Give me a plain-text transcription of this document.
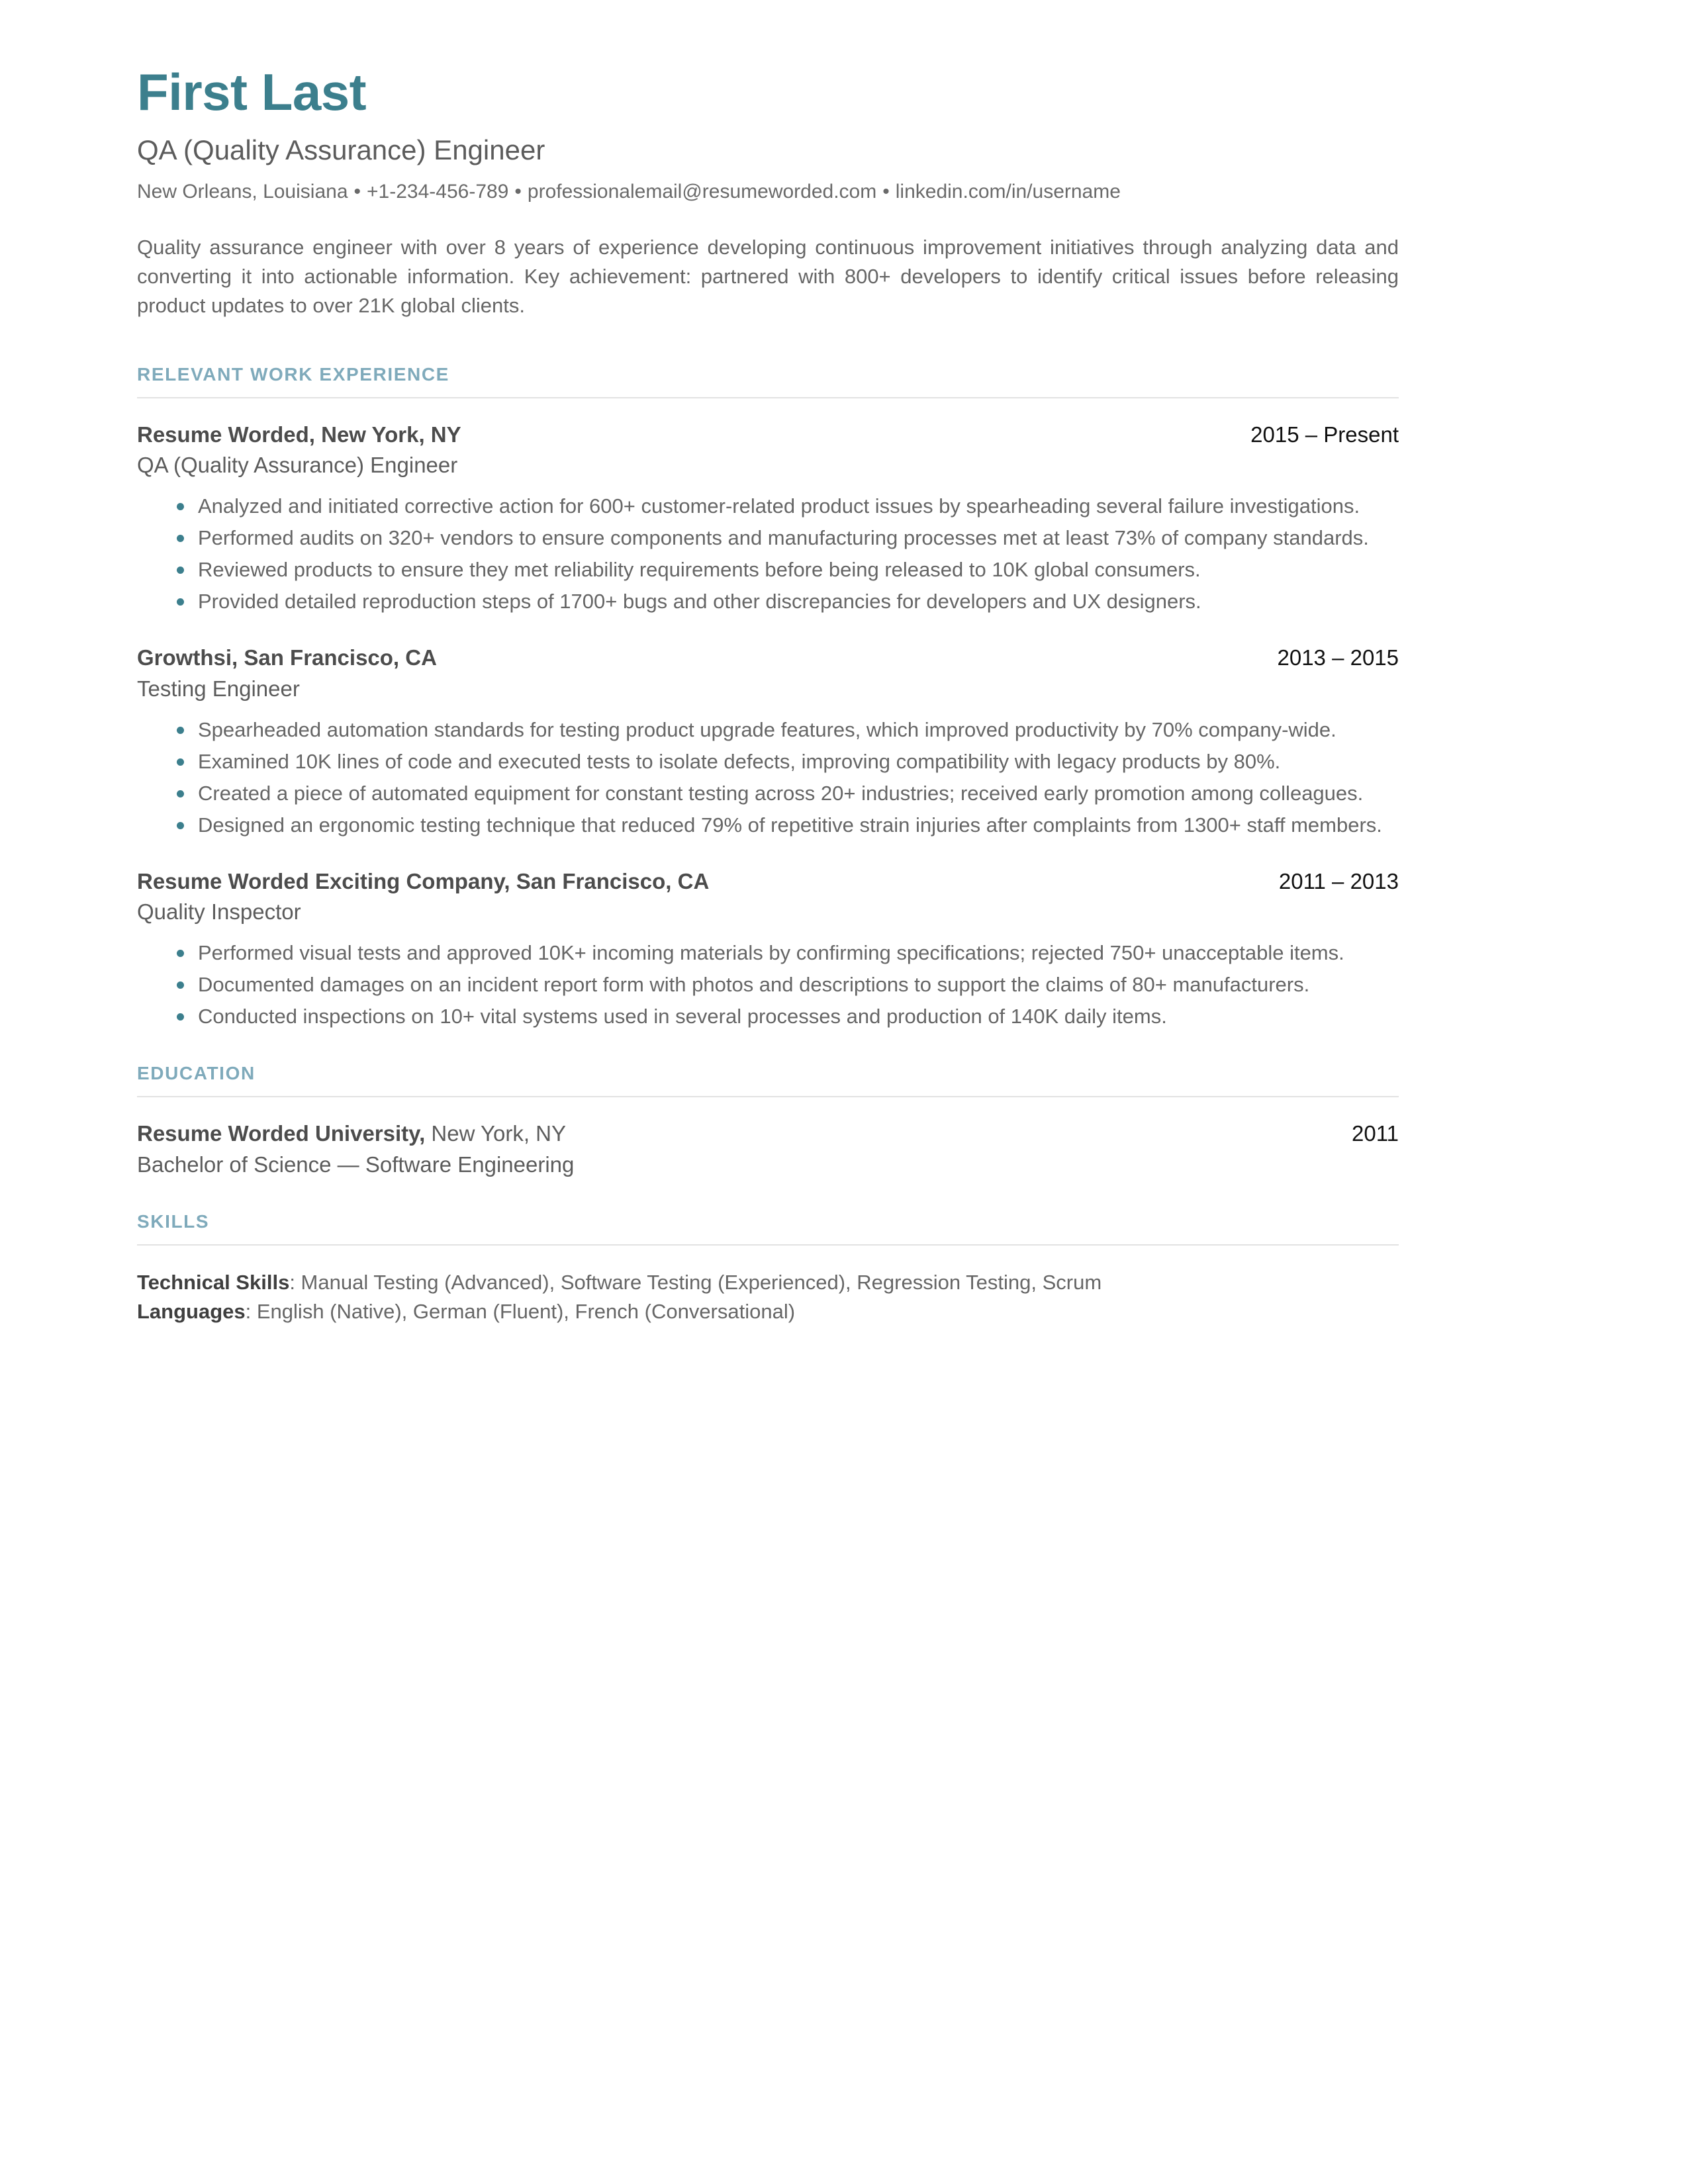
First Last
QA (Quality Assurance) Engineer
New Orleans, Louisiana • +1-234-456-789 • professionalemail@resumeworded.com • linkedin.com/in/username

Quality assurance engineer with over 8 years of experience developing continuous improvement initiatives through analyzing data and converting it into actionable information. Key achievement: partnered with 800+ developers to identify critical issues before releasing product updates to over 21K global clients.

RELEVANT WORK EXPERIENCE
Resume Worded, New York, NY	2015 – Present
QA (Quality Assurance) Engineer
Analyzed and initiated corrective action for 600+ customer-related product issues by spearheading several failure investigations.
Performed audits on 320+ vendors to ensure components and manufacturing processes met at least 73% of company standards.
Reviewed products to ensure they met reliability requirements before being released to 10K global consumers.
Provided detailed reproduction steps of 1700+ bugs and other discrepancies for developers and UX designers.
Growthsi, San Francisco, CA	2013 – 2015
Testing Engineer
Spearheaded automation standards for testing product upgrade features, which improved productivity by 70% company-wide.
Examined 10K lines of code and executed tests to isolate defects, improving compatibility with legacy products by 80%.
Created a piece of automated equipment for constant testing across 20+ industries; received early promotion among colleagues.
Designed an ergonomic testing technique that reduced 79% of repetitive strain injuries after complaints from 1300+ staff members.
Resume Worded Exciting Company, San Francisco, CA	2011 – 2013
Quality Inspector
Performed visual tests and approved 10K+ incoming materials by confirming specifications; rejected 750+ unacceptable items.
Documented damages on an incident report form with photos and descriptions to support the claims of 80+ manufacturers.
Conducted inspections on 10+ vital systems used in several processes and production of 140K daily items.
EDUCATION
Resume Worded University, New York, NY	2011
Bachelor of Science — Software Engineering
SKILLS
Technical Skills: Manual Testing (Advanced), Software Testing (Experienced), Regression Testing, Scrum
Languages: English (Native), German (Fluent), French (Conversational)
